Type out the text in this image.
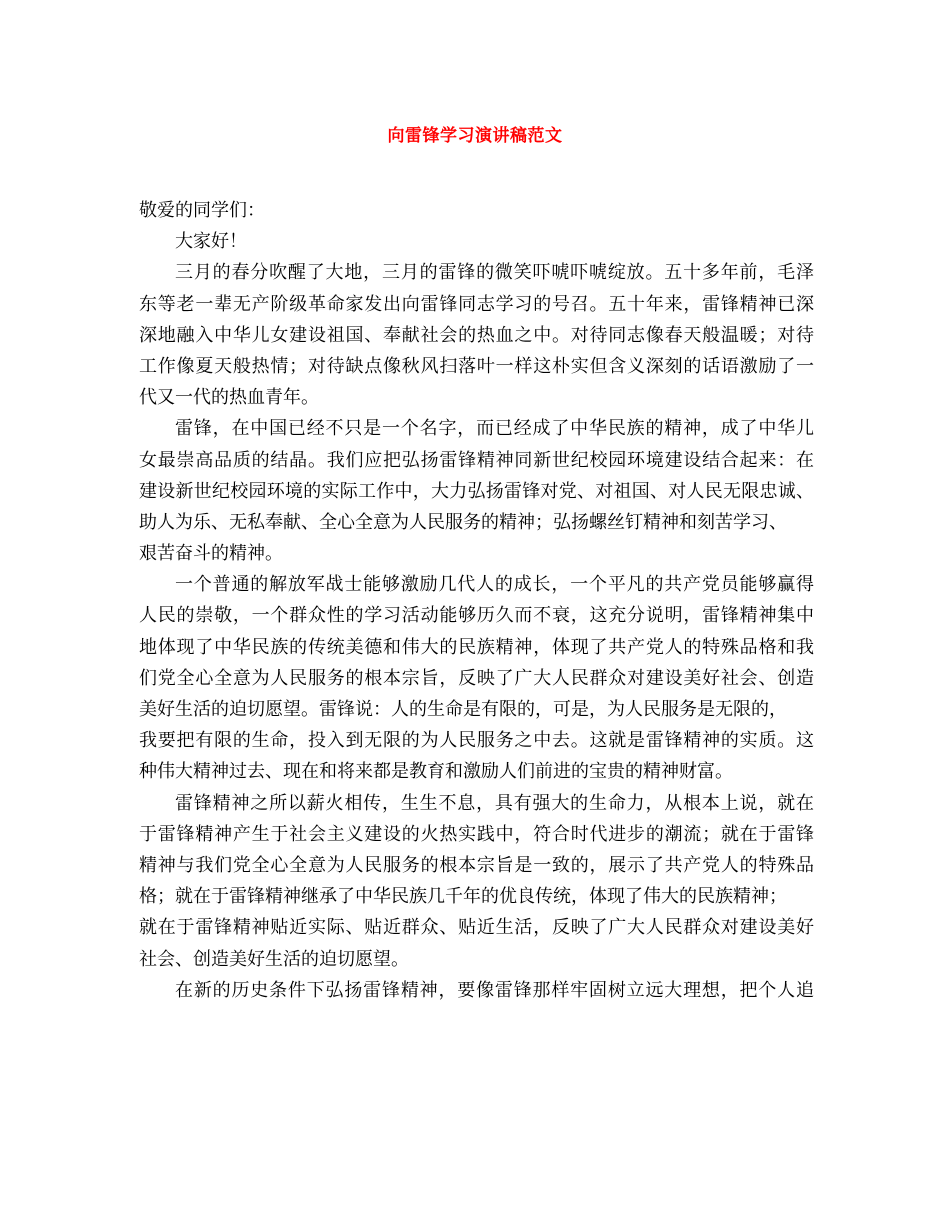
向雷锋学习演讲稿范文
敬爱的同学们：
大家好！
三月的春分吹醒了大地，三月的雷锋的微笑吓唬吓唬绽放。五十多年前，毛泽
东等老一辈无产阶级革命家发出向雷锋同志学习的号召。五十年来，雷锋精神已深
深地融入中华儿女建设祖国、奉献社会的热血之中。对待同志像春天般温暖；对待
工作像夏天般热情；对待缺点像秋风扫落叶一样这朴实但含义深刻的话语激励了一
代又一代的热血青年。
雷锋，在中国已经不只是一个名字，而已经成了中华民族的精神，成了中华儿
女最崇高品质的结晶。我们应把弘扬雷锋精神同新世纪校园环境建设结合起来：在
建设新世纪校园环境的实际工作中，大力弘扬雷锋对党、对祖国、对人民无限忠诚、
助人为乐、无私奉献、全心全意为人民服务的精神；弘扬螺丝钉精神和刻苦学习、
艰苦奋斗的精神。
一个普通的解放军战士能够激励几代人的成长，一个平凡的共产党员能够赢得
人民的崇敬，一个群众性的学习活动能够历久而不衰，这充分说明，雷锋精神集中
地体现了中华民族的传统美德和伟大的民族精神，体现了共产党人的特殊品格和我
们党全心全意为人民服务的根本宗旨，反映了广大人民群众对建设美好社会、创造
美好生活的迫切愿望。雷锋说：人的生命是有限的，可是，为人民服务是无限的，
我要把有限的生命，投入到无限的为人民服务之中去。这就是雷锋精神的实质。这
种伟大精神过去、现在和将来都是教育和激励人们前进的宝贵的精神财富。
雷锋精神之所以薪火相传，生生不息，具有强大的生命力，从根本上说，就在
于雷锋精神产生于社会主义建设的火热实践中，符合时代进步的潮流；就在于雷锋
精神与我们党全心全意为人民服务的根本宗旨是一致的，展示了共产党人的特殊品
格；就在于雷锋精神继承了中华民族几千年的优良传统，体现了伟大的民族精神；
就在于雷锋精神贴近实际、贴近群众、贴近生活，反映了广大人民群众对建设美好
社会、创造美好生活的迫切愿望。
在新的历史条件下弘扬雷锋精神，要像雷锋那样牢固树立远大理想，把个人追
